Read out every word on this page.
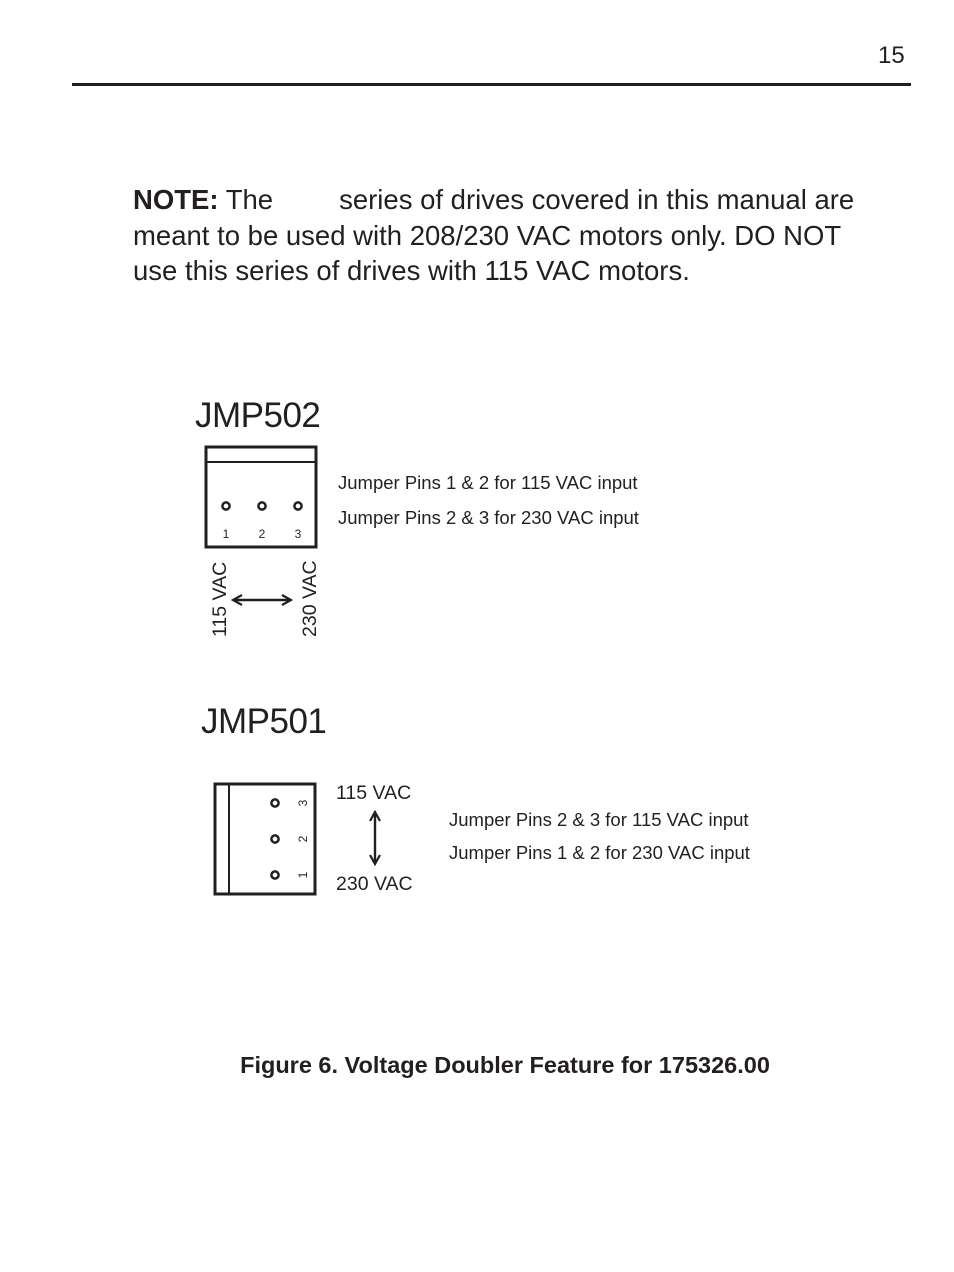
15
NOTE: The series of drives covered in this manual are
meant to be used with 208/230 VAC motors only. DO NOT
use this series of drives with 115 VAC motors.
1 2 3
115 VAC	230 VAC
3
2
1
JMP502
Jumper Pins 1 & 2 for 115 VAC input
Jumper Pins 2 & 3 for 230 VAC input
JMP501
115 VAC
230 VAC
Jumper Pins 2 & 3 for 115 VAC input
Jumper Pins 1 & 2 for 230 VAC input
Figure 6. Voltage Doubler Feature for 175326.00
